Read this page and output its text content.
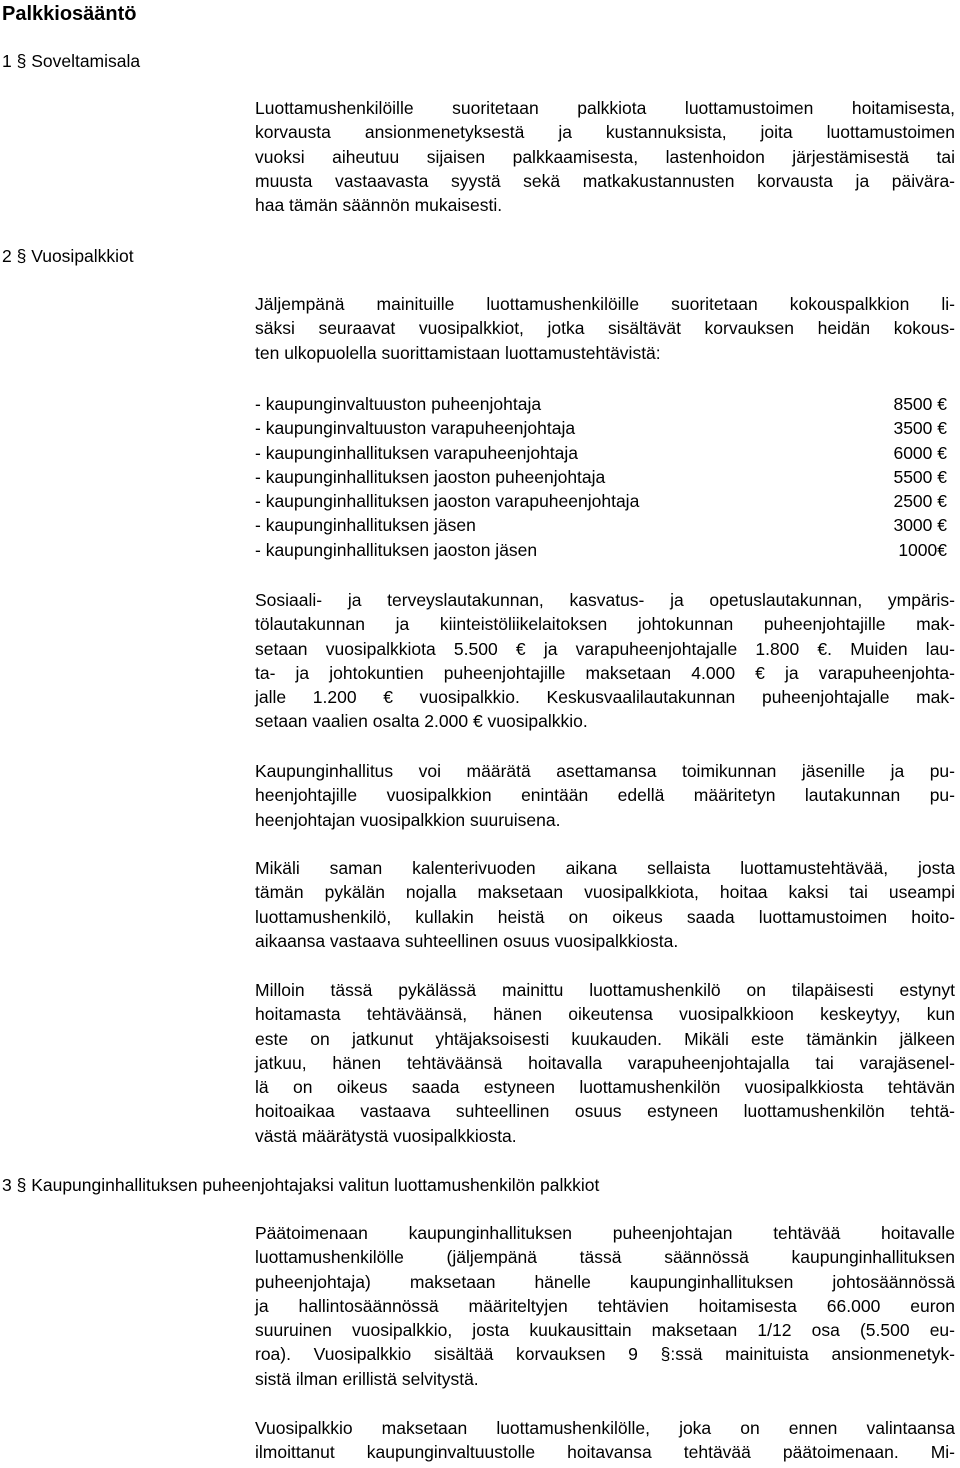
Palkkiosääntö
1 § Soveltamisala
Luottamushenkilöille suoritetaan palkkiota luottamustoimen hoitamisesta,
korvausta ansionmenetyksestä ja kustannuksista, joita luottamustoimen
vuoksi aiheutuu sijaisen palkkaamisesta, lastenhoidon järjestämisestä tai
muusta vastaavasta syystä sekä matkakustannusten korvausta ja päivära-
haa tämän säännön mukaisesti.
2 § Vuosipalkkiot
Jäljempänä mainituille luottamushenkilöille suoritetaan kokouspalkkion li-
säksi seuraavat vuosipalkkiot, jotka sisältävät korvauksen heidän kokous-
ten ulkopuolella suorittamistaan luottamustehtävistä:
- kaupunginvaltuuston puheenjohtaja	8500 €
- kaupunginvaltuuston varapuheenjohtaja	3500 €
- kaupunginhallituksen varapuheenjohtaja	6000 €
- kaupunginhallituksen jaoston puheenjohtaja	5500 €
- kaupunginhallituksen jaoston varapuheenjohtaja	2500 €
- kaupunginhallituksen jäsen	3000 €
- kaupunginhallituksen jaoston jäsen	1000€
Sosiaali- ja terveyslautakunnan, kasvatus- ja opetuslautakunnan, ympäris-
tölautakunnan ja kiinteistöliikelaitoksen johtokunnan puheenjohtajille mak-
setaan vuosipalkkiota 5.500 € ja varapuheenjohtajalle 1.800 €. Muiden lau-
ta- ja johtokuntien puheenjohtajille maksetaan 4.000 € ja varapuheenjohta-
jalle 1.200 € vuosipalkkio. Keskusvaalilautakunnan puheenjohtajalle mak-
setaan vaalien osalta 2.000 € vuosipalkkio.
Kaupunginhallitus voi määrätä asettamansa toimikunnan jäsenille ja pu-
heenjohtajille vuosipalkkion enintään edellä määritetyn lautakunnan pu-
heenjohtajan vuosipalkkion suuruisena.
Mikäli saman kalenterivuoden aikana sellaista luottamustehtävää, josta
tämän pykälän nojalla maksetaan vuosipalkkiota, hoitaa kaksi tai useampi
luottamushenkilö, kullakin heistä on oikeus saada luottamustoimen hoito-
aikaansa vastaava suhteellinen osuus vuosipalkkiosta.
Milloin tässä pykälässä mainittu luottamushenkilö on tilapäisesti estynyt
hoitamasta tehtäväänsä, hänen oikeutensa vuosipalkkioon keskeytyy, kun
este on jatkunut yhtäjaksoisesti kuukauden. Mikäli este tämänkin jälkeen
jatkuu, hänen tehtäväänsä hoitavalla varapuheenjohtajalla tai varajäsenel-
lä on oikeus saada estyneen luottamushenkilön vuosipalkkiosta tehtävän
hoitoaikaa vastaava suhteellinen osuus estyneen luottamushenkilön tehtä-
västä määrätystä vuosipalkkiosta.
3 § Kaupunginhallituksen puheenjohtajaksi valitun luottamushenkilön palkkiot
Päätoimenaan kaupunginhallituksen puheenjohtajan tehtävää hoitavalle
luottamushenkilölle (jäljempänä tässä säännössä kaupunginhallituksen
puheenjohtaja) maksetaan hänelle kaupunginhallituksen johtosäännössä
ja hallintosäännössä määriteltyjen tehtävien hoitamisesta 66.000 euron
suuruinen vuosipalkkio, josta kuukausittain maksetaan 1/12 osa (5.500 eu-
roa). Vuosipalkkio sisältää korvauksen 9 §:ssä mainituista ansionmenetyk-
sistä ilman erillistä selvitystä.
Vuosipalkkio maksetaan luottamushenkilölle, joka on ennen valintaansa
ilmoittanut kaupunginvaltuustolle hoitavansa tehtävää päätoimenaan. Mi-
